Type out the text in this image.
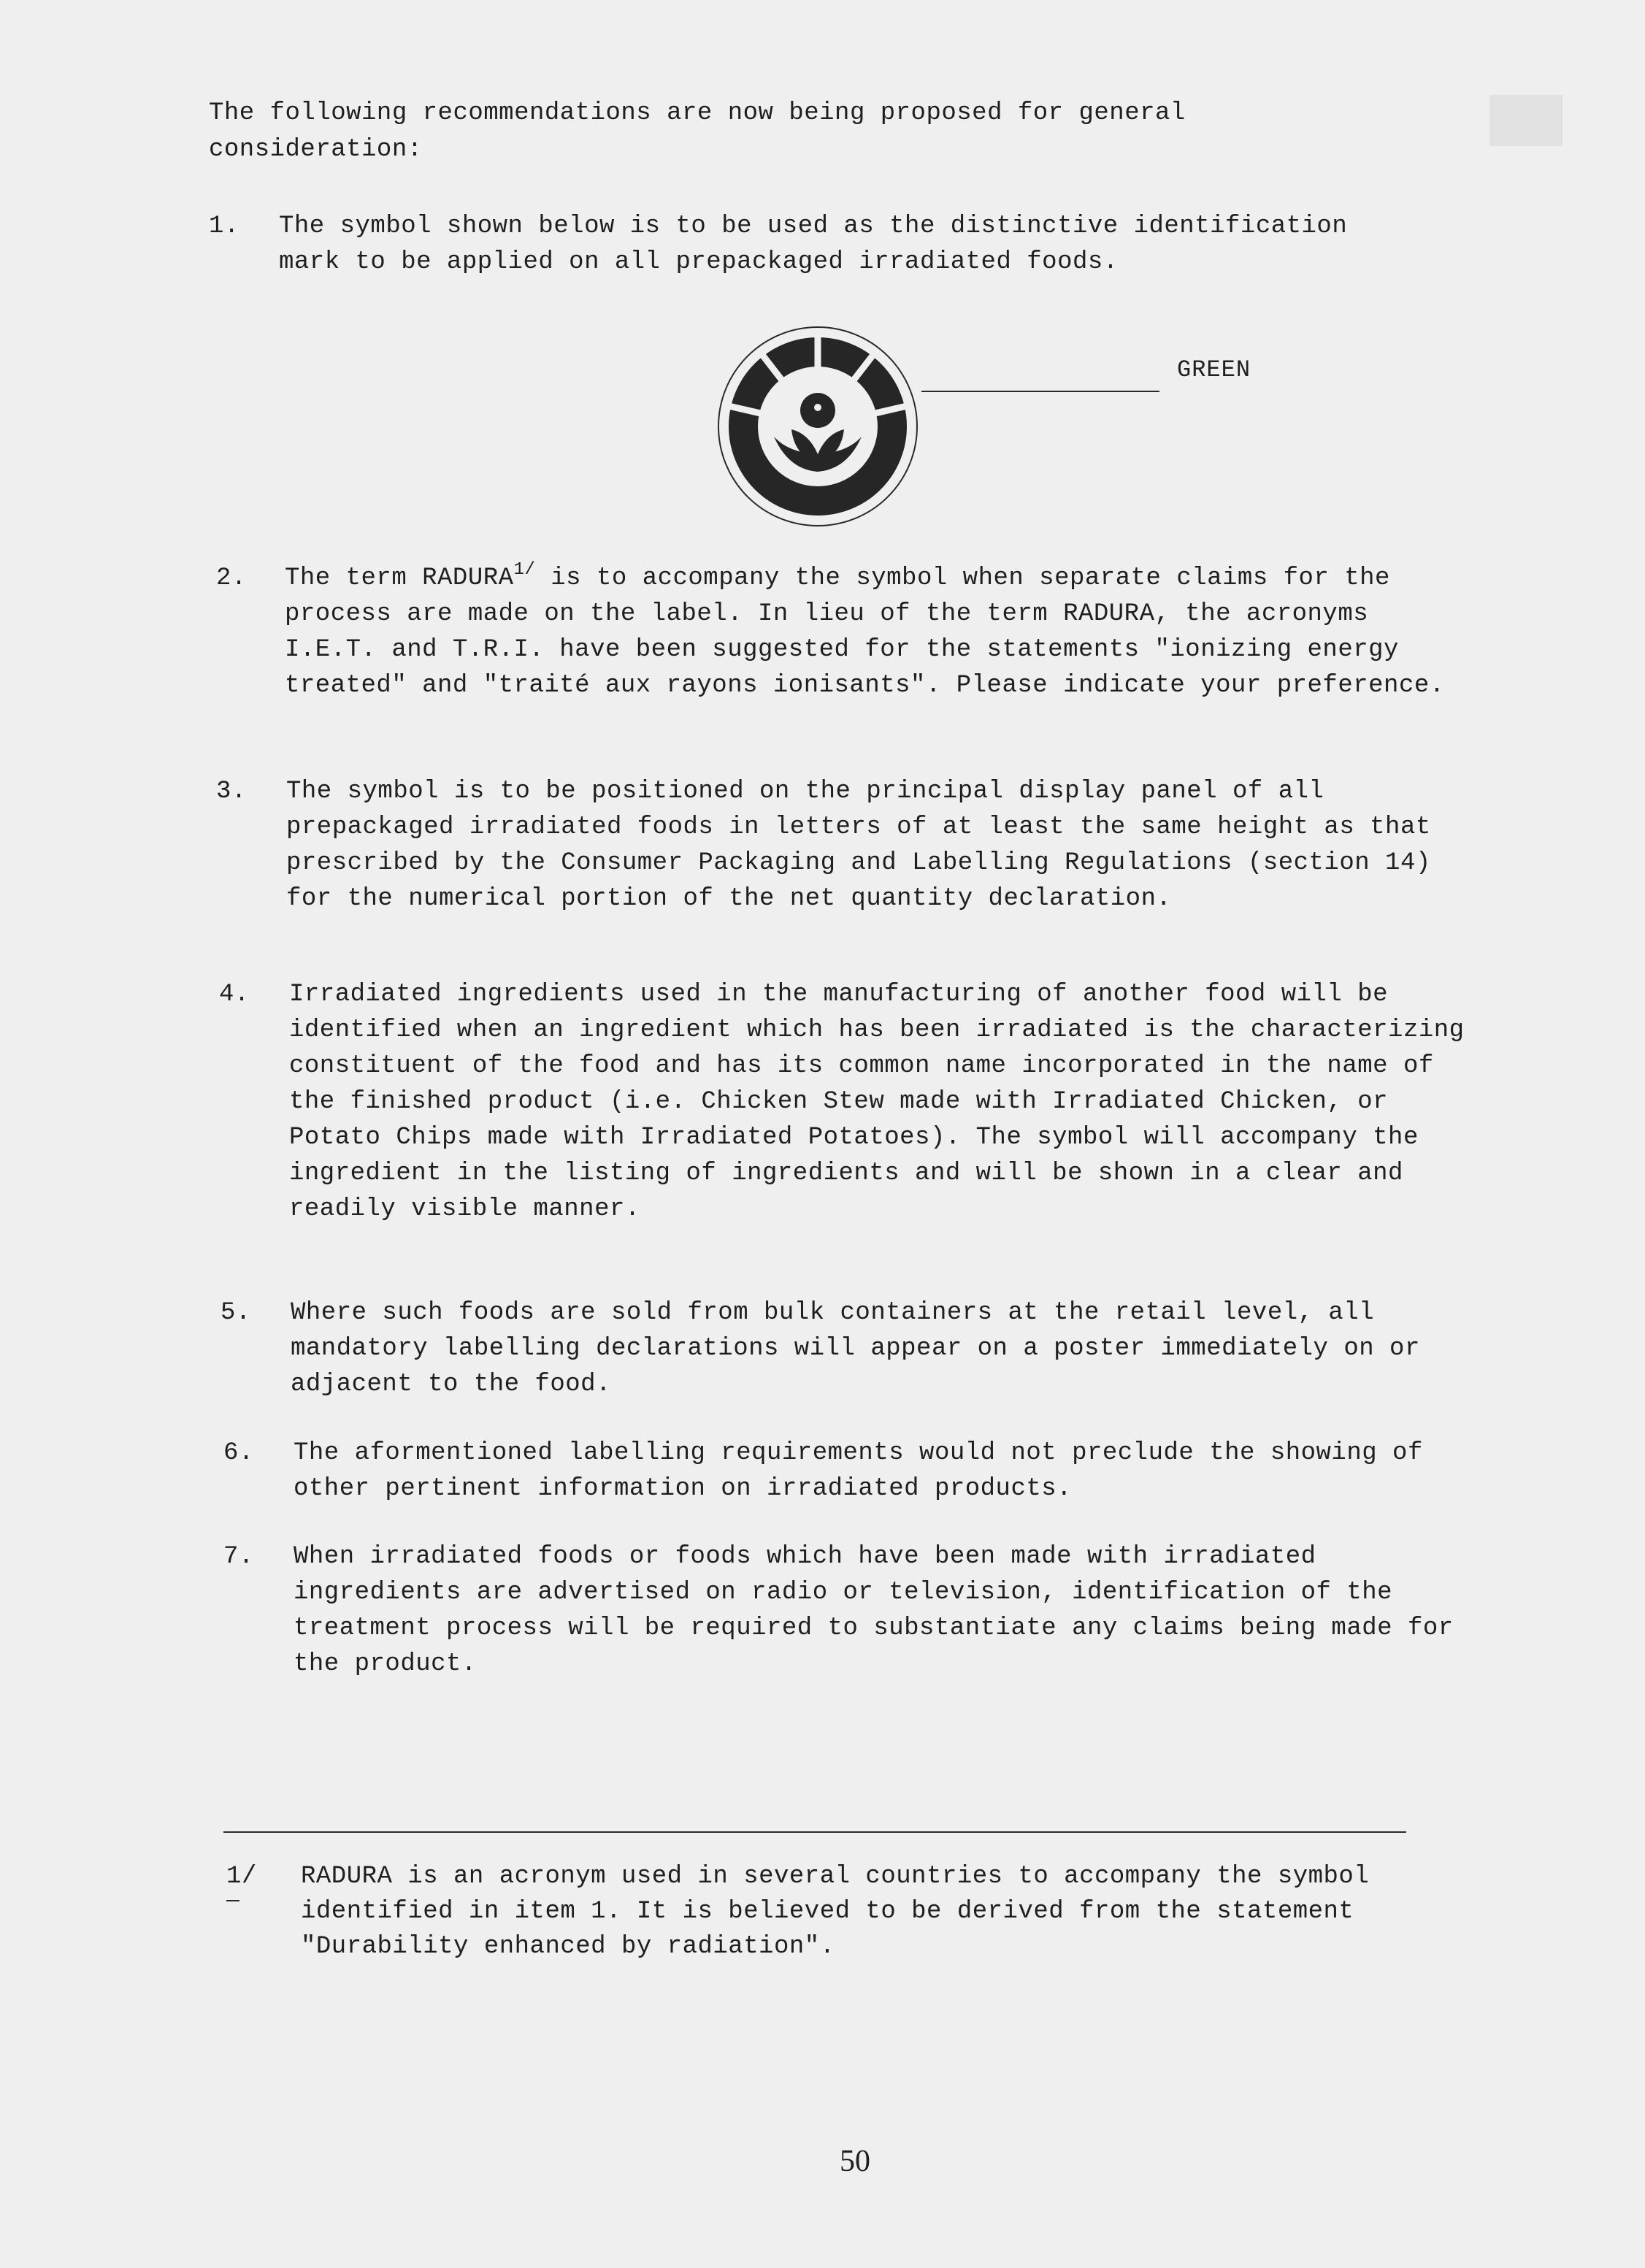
The following recommendations are now being proposed for general
consideration:
1. The symbol shown below is to be used as the distinctive identification mark to be applied on all prepackaged irradiated foods.
GREEN
2. The term $RADURA^{1/}$ is to accompany the symbol when separate claims for the process are made on the label. In lieu of the term RADURA, the acronyms I.E.T. and T.R.I. have been suggested for the statements "ionizing energy treated" and "traité aux rayons ionisants". Please indicate your preference.
3. The symbol is to be positioned on the principal display panel of all prepackaged irradiated foods in letters of at least the same height as that prescribed by the Consumer Packaging and Labelling Regulations (section 14) for the numerical portion of the net quantity declaration.
4. Irradiated ingredients used in the manufacturing of another food will be identified when an ingredient which has been irradiated is the characterizing constituent of the food and has its common name incorporated in the name of the finished product (i.e. Chicken Stew made with Irradiated Chicken, or Potato Chips made with Irradiated Potatoes). The symbol will accompany the ingredient in the listing of ingredients and will be shown in a clear and readily visible manner.
5. Where such foods are sold from bulk containers at the retail level, all mandatory labelling declarations will appear on a poster immediately on or adjacent to the food.
6. The aformentioned labelling requirements would not preclude the showing of other pertinent information on irradiated products.
7. When irradiated foods or foods which have been made with irradiated ingredients are advertised on radio or television, identification of the treatment process will be required to substantiate any claims being made for the product.
1/ RADURA is an acronym used in several countries to accompany the symbol identified in item 1. It is believed to be derived from the statement "Durability enhanced by radiation".
50
